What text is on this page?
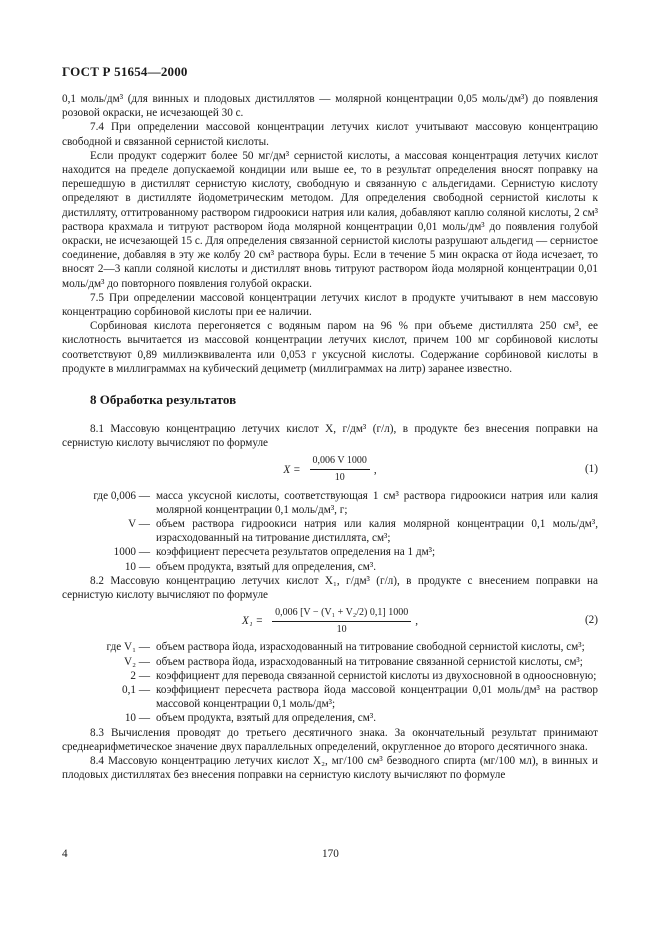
ГОСТ Р 51654—2000

0,1 моль/дм³ (для винных и плодовых дистиллятов — молярной концентрации 0,05 моль/дм³) до появления розовой окраски, не исчезающей 30 с.

7.4 При определении массовой концентрации летучих кислот учитывают массовую концентрацию свободной и связанной сернистой кислоты.

Если продукт содержит более 50 мг/дм³ сернистой кислоты, а массовая концентрация летучих кислот находится на пределе допускаемой кондиции или выше ее, то в результат определения вносят поправку на перешедшую в дистиллят сернистую кислоту, свободную и связанную с альдегидами. Сернистую кислоту определяют в дистилляте йодометрическим методом. Для определения свободной сернистой кислоты к дистилляту, оттитрованному раствором гидроокиси натрия или калия, добавляют каплю соляной кислоты, 2 см³ раствора крахмала и титруют раствором йода молярной концентрации 0,01 моль/дм³ до появления голубой окраски, не исчезающей 15 с. Для определения связанной сернистой кислоты разрушают альдегид — сернистое соединение, добавляя в эту же колбу 20 см³ раствора буры. Если в течение 5 мин окраска от йода исчезает, то вносят 2—3 капли соляной кислоты и дистиллят вновь титруют раствором йода молярной концентрации 0,01 моль/дм³ до повторного появления голубой окраски.

7.5 При определении массовой концентрации летучих кислот в продукте учитывают в нем массовую концентрацию сорбиновой кислоты при ее наличии.

Сорбиновая кислота перегоняется с водяным паром на 96 % при объеме дистиллята 250 см³, ее кислотность вычитается из массовой концентрации летучих кислот, причем 100 мг сорбиновой кислоты соответствуют 0,89 миллиэквивалента или 0,053 г уксусной кислоты. Содержание сорбиновой кислоты в продукте в миллиграммах на кубический дециметр (миллиграммах на литр) заранее известно.

8 Обработка результатов

8.1 Массовую концентрацию летучих кислот X, г/дм³ (г/л), в продукте без внесения поправки на сернистую кислоту вычисляют по формуле

$X = \frac{0,006 V 1000}{10}$ ,	(1)
где 0,006 — масса уксусной кислоты, соответствующая 1 см³ раствора гидроокиси натрия или калия молярной концентрации 0,1 моль/дм³, г;
V — объем раствора гидроокиси натрия или калия молярной концентрации 0,1 моль/дм³, израсходованный на титрование дистиллята, см³;
1000 — коэффициент пересчета результатов определения на 1 дм³;
10 — объем продукта, взятый для определения, см³.

8.2 Массовую концентрацию летучих кислот X₁, г/дм³ (г/л), в продукте с внесением поправки на сернистую кислоту вычисляют по формуле

$X_1 = \frac{\text{0,006 [V − (V₁ + V₂/2) 0,1] 1000}}{10}$ ,	(2)
где V₁ — объем раствора йода, израсходованный на титрование свободной сернистой кислоты, см³;
V₂ — объем раствора йода, израсходованный на титрование связанной сернистой кислоты, см³;
2 — коэффициент для перевода связанной сернистой кислоты из двухосновной в одноосновную;
0,1 — коэффициент пересчета раствора йода массовой концентрации 0,01 моль/дм³ на раствор массовой концентрации 0,1 моль/дм³;
10 — объем продукта, взятый для определения, см³.

8.3 Вычисления проводят до третьего десятичного знака. За окончательный результат принимают среднеарифметическое значение двух параллельных определений, округленное до второго десятичного знака.

8.4 Массовую концентрацию летучих кислот X₂, мг/100 см³ безводного спирта (мг/100 мл), в винных и плодовых дистиллятах без внесения поправки на сернистую кислоту вычисляют по формуле

4	170
